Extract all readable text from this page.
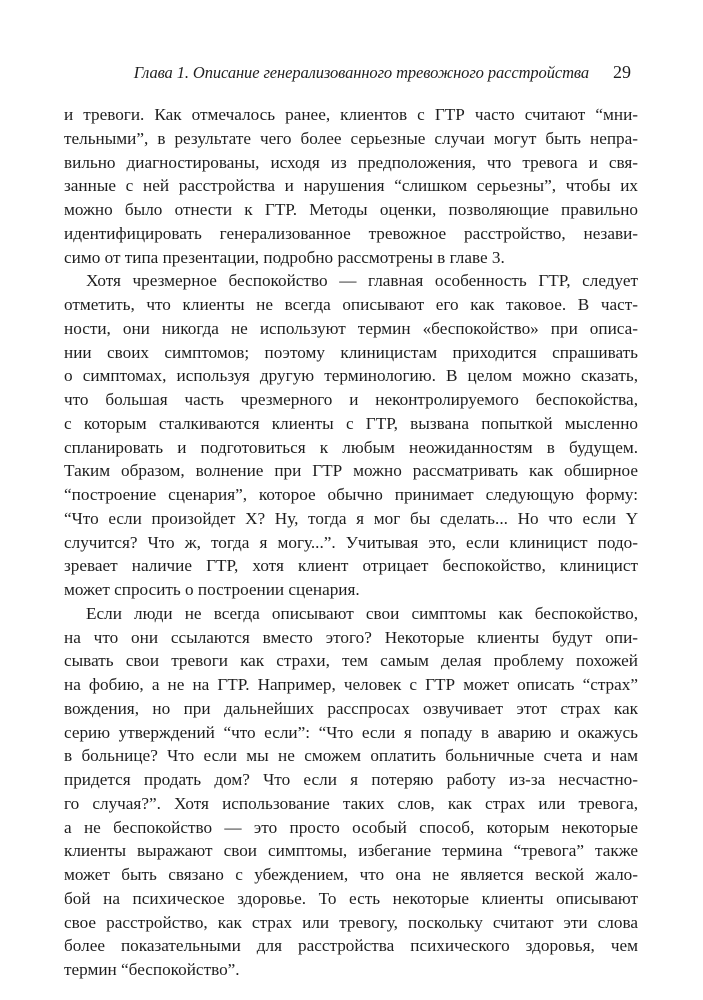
Глава 1. Описание генерализованного тревожного расстройства 29

и тревоги. Как отмечалось ранее, клиентов с ГТР часто считают “мни-
тельными”, в результате чего более серьезные случаи могут быть непра-
вильно диагностированы, исходя из предположения, что тревога и свя-
занные с ней расстройства и нарушения “слишком серьезны”, чтобы их
можно было отнести к ГТР. Методы оценки, позволяющие правильно
идентифицировать генерализованное тревожное расстройство, незави-
симо от типа презентации, подробно рассмотрены в главе 3.

Хотя чрезмерное беспокойство — главная особенность ГТР, следует
отметить, что клиенты не всегда описывают его как таковое. В част-
ности, они никогда не используют термин «беспокойство» при описа-
нии своих симптомов; поэтому клиницистам приходится спрашивать
о симптомах, используя другую терминологию. В целом можно сказать,
что большая часть чрезмерного и неконтролируемого беспокойства,
с которым сталкиваются клиенты с ГТР, вызвана попыткой мысленно
спланировать и подготовиться к любым неожиданностям в будущем.
Таким образом, волнение при ГТР можно рассматривать как обширное
“построение сценария”, которое обычно принимает следующую форму:
“Что если произойдет X? Ну, тогда я мог бы сделать... Но что если Y
случится? Что ж, тогда я могу...”. Учитывая это, если клиницист подо-
зревает наличие ГТР, хотя клиент отрицает беспокойство, клиницист
может спросить о построении сценария.

Если люди не всегда описывают свои симптомы как беспокойство,
на что они ссылаются вместо этого? Некоторые клиенты будут опи-
сывать свои тревоги как страхи, тем самым делая проблему похожей
на фобию, а не на ГТР. Например, человек с ГТР может описать “страх”
вождения, но при дальнейших расспросах озвучивает этот страх как
серию утверждений “что если”: “Что если я попаду в аварию и окажусь
в больнице? Что если мы не сможем оплатить больничные счета и нам
придется продать дом? Что если я потеряю работу из-за несчастно-
го случая?”. Хотя использование таких слов, как страх или тревога,
а не беспокойство — это просто особый способ, которым некоторые
клиенты выражают свои симптомы, избегание термина “тревога” также
может быть связано с убеждением, что она не является веской жало-
бой на психическое здоровье. То есть некоторые клиенты описывают
свое расстройство, как страх или тревогу, поскольку считают эти слова
более показательными для расстройства психического здоровья, чем
термин “беспокойство”.
